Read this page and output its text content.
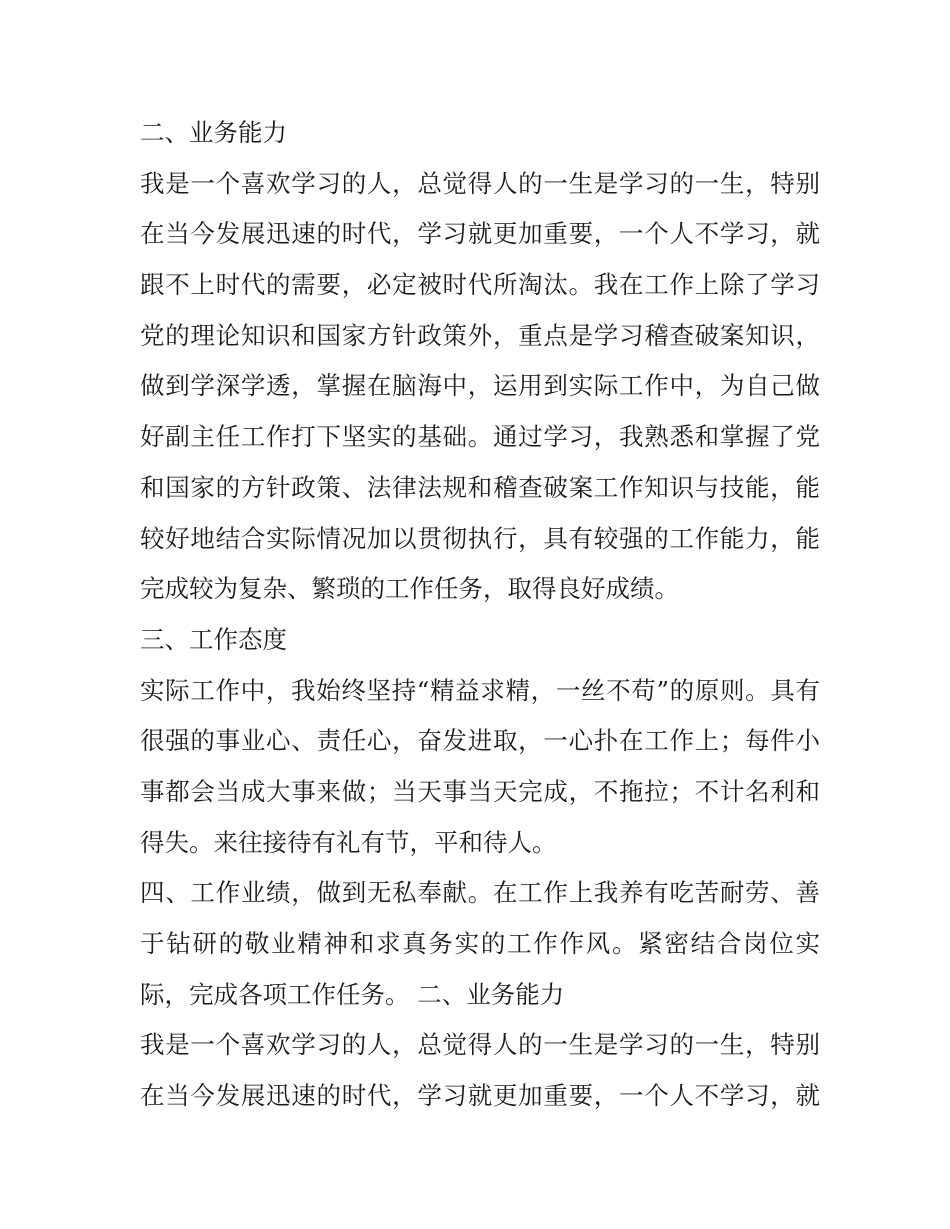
二、业务能力
我是一个喜欢学习的人，总觉得人的一生是学习的一生，特别
在当今发展迅速的时代，学习就更加重要，一个人不学习，就
跟不上时代的需要，必定被时代所淘汰。我在工作上除了学习
党的理论知识和国家方针政策外，重点是学习稽查破案知识，
做到学深学透，掌握在脑海中，运用到实际工作中，为自己做
好副主任工作打下坚实的基础。通过学习，我熟悉和掌握了党
和国家的方针政策、法律法规和稽查破案工作知识与技能，能
较好地结合实际情况加以贯彻执行，具有较强的工作能力，能
完成较为复杂、繁琐的工作任务，取得良好成绩。
三、工作态度
实际工作中，我始终坚持“精益求精，一丝不苟”的原则。具有
很强的事业心、责任心，奋发进取，一心扑在工作上；每件小
事都会当成大事来做；当天事当天完成，不拖拉；不计名利和
得失。来往接待有礼有节，平和待人。
四、工作业绩，做到无私奉献。在工作上我养有吃苦耐劳、善
于钻研的敬业精神和求真务实的工作作风。紧密结合岗位实
际，完成各项工作任务。 二、业务能力
我是一个喜欢学习的人，总觉得人的一生是学习的一生，特别
在当今发展迅速的时代，学习就更加重要，一个人不学习，就
